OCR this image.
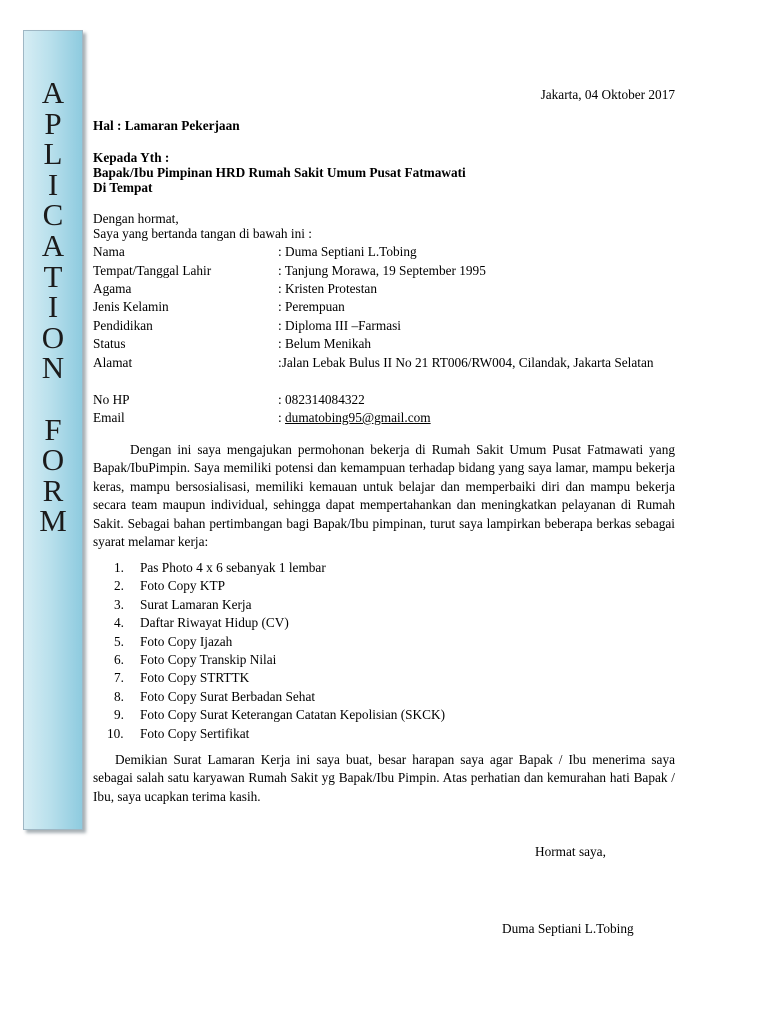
A
P
L
I
C
A
T
I
O
N
F
O
R
M
Jakarta, 04 Oktober 2017
Hal : Lamaran Pekerjaan
Kepada Yth :
Bapak/Ibu Pimpinan HRD Rumah Sakit Umum Pusat Fatmawati
Di Tempat
Dengan hormat,
Saya yang bertanda tangan di bawah ini :
Nama	: Duma Septiani L.Tobing
Tempat/Tanggal Lahir	: Tanjung Morawa, 19 September 1995
Agama	: Kristen Protestan
Jenis Kelamin	: Perempuan
Pendidikan	: Diploma III –Farmasi
Status	: Belum Menikah
Alamat	:Jalan Lebak Bulus II No 21 RT006/RW004, Cilandak, Jakarta Selatan
No HP	: 082314084322
Email	: dumatobing95@gmail.com
Dengan ini saya mengajukan permohonan bekerja di Rumah Sakit Umum Pusat Fatmawati yang Bapak/IbuPimpin. Saya memiliki potensi dan kemampuan terhadap bidang yang saya lamar, mampu bekerja keras, mampu bersosialisasi, memiliki kemauan untuk belajar dan memperbaiki diri dan mampu bekerja secara team maupun individual, sehingga dapat mempertahankan dan meningkatkan pelayanan di Rumah Sakit. Sebagai bahan pertimbangan bagi Bapak/Ibu pimpinan, turut saya lampirkan beberapa berkas sebagai syarat melamar kerja:
1.	Pas Photo 4 x 6 sebanyak 1 lembar
2.	Foto Copy KTP
3.	Surat Lamaran Kerja
4.	Daftar Riwayat Hidup (CV)
5.	Foto Copy Ijazah
6.	Foto Copy Transkip Nilai
7.	Foto Copy STRTTK
8.	Foto Copy Surat Berbadan Sehat
9.	Foto Copy Surat Keterangan Catatan Kepolisian (SKCK)
10.	Foto Copy Sertifikat
Demikian Surat Lamaran Kerja ini saya buat, besar harapan saya agar Bapak / Ibu menerima saya sebagai salah satu karyawan Rumah Sakit yg Bapak/Ibu Pimpin. Atas perhatian dan kemurahan hati Bapak / Ibu, saya ucapkan terima kasih.
Hormat saya,
Duma Septiani L.Tobing
